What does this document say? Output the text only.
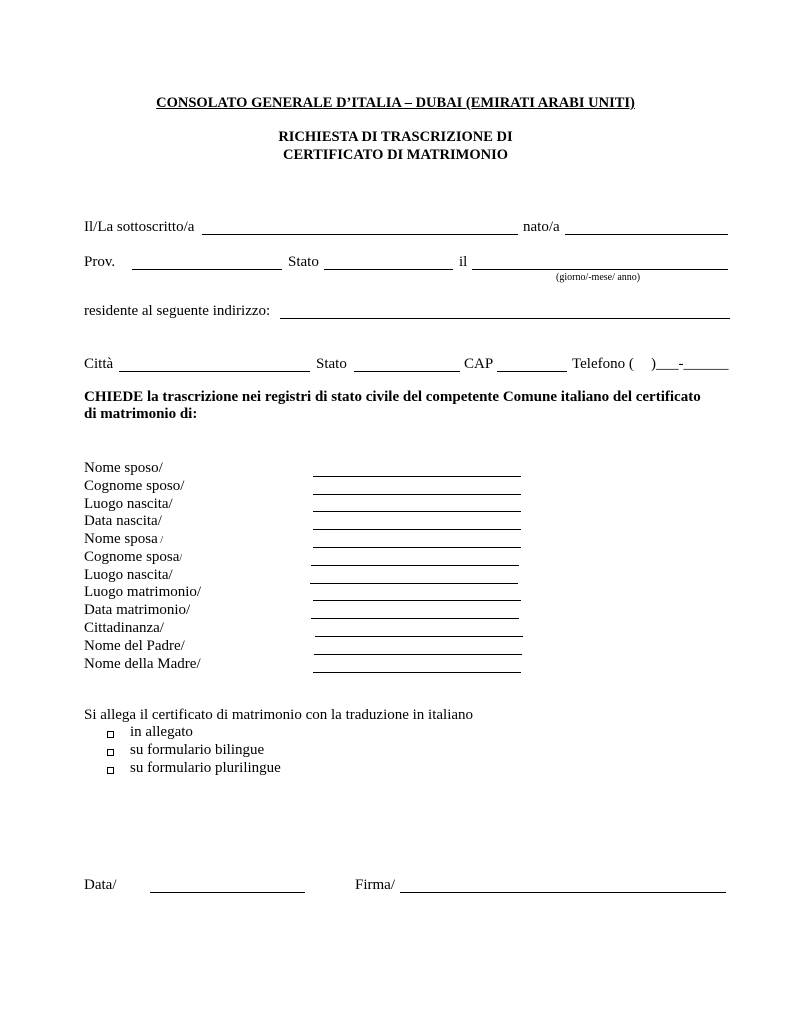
CONSOLATO GENERALE D’ITALIA – DUBAI (EMIRATI ARABI UNITI)
RICHIESTA DI TRASCRIZIONE DI
CERTIFICATO DI MATRIMONIO
Il/La sottoscritto/a	nato/a
Prov.	Stato	il
(giorno/-mese/ anno)
residente al seguente indirizzo:
Città	Stato	CAP	Telefono ( )___-______
CHIEDE la trascrizione nei registri di stato civile del competente Comune italiano del certificato
di matrimonio di:
Nome sposo/
Cognome sposo/
Luogo nascita/
Data nascita/
Nome sposa /
Cognome sposa/
Luogo nascita/
Luogo matrimonio/
Data matrimonio/
Cittadinanza/
Nome del Padre/
Nome della Madre/
Si allega il certificato di matrimonio con la traduzione in italiano
in allegato
su formulario bilingue
su formulario plurilingue
Data/	Firma/
